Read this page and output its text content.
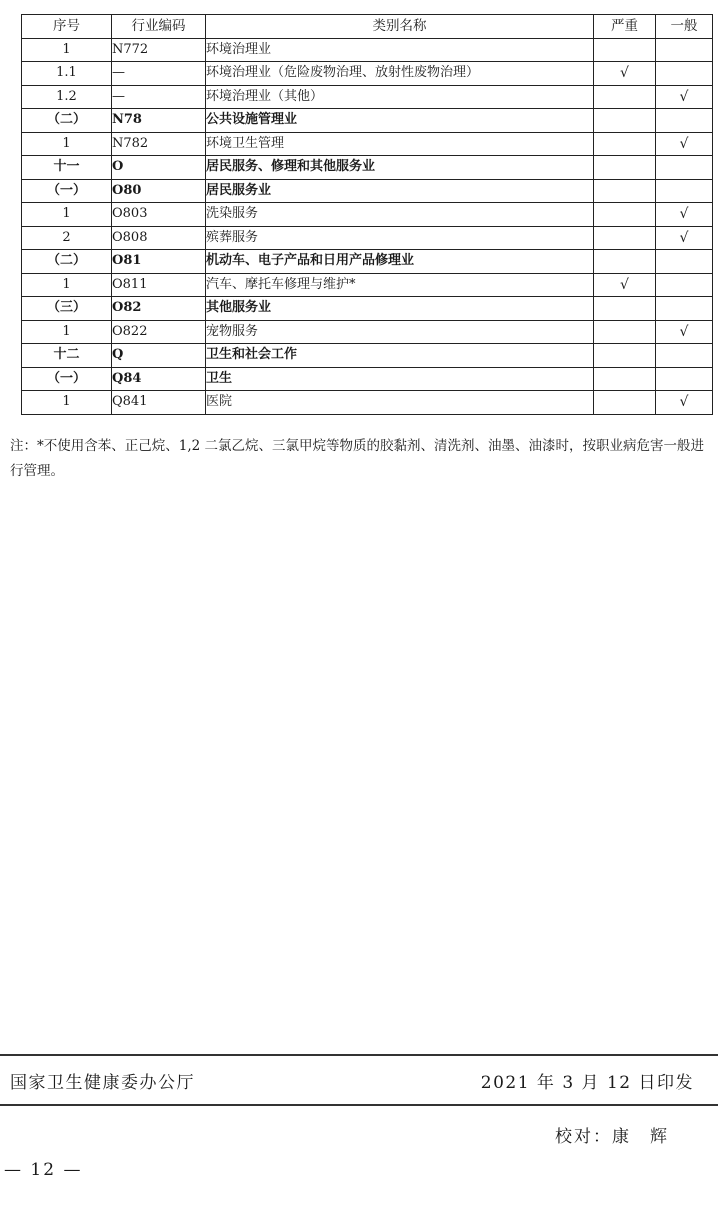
序号	行业编码	类别名称	严重	一般
1	N772	环境治理业		
1.1	—	环境治理业（危险废物治理、放射性废物治理）	√	
1.2	—	环境治理业（其他）		√
（二）	N78	公共设施管理业		
1	N782	环境卫生管理		√
十一	O	居民服务、修理和其他服务业		
（一）	O80	居民服务业		
1	O803	洗染服务		√
2	O808	殡葬服务		√
（二）	O81	机动车、电子产品和日用产品修理业		
1	O811	汽车、摩托车修理与维护*	√	
（三）	O82	其他服务业		
1	O822	宠物服务		√
十二	Q	卫生和社会工作		
（一）	Q84	卫生		
1	Q841	医院		√
注：*不使用含苯、正己烷、1,2 二氯乙烷、三氯甲烷等物质的胶黏剂、清洗剂、油墨、油漆时，按职业病危害一般进行管理。
国家卫生健康委办公厅	2021 年 3 月 12 日印发
校对：康　辉
— 12 —
